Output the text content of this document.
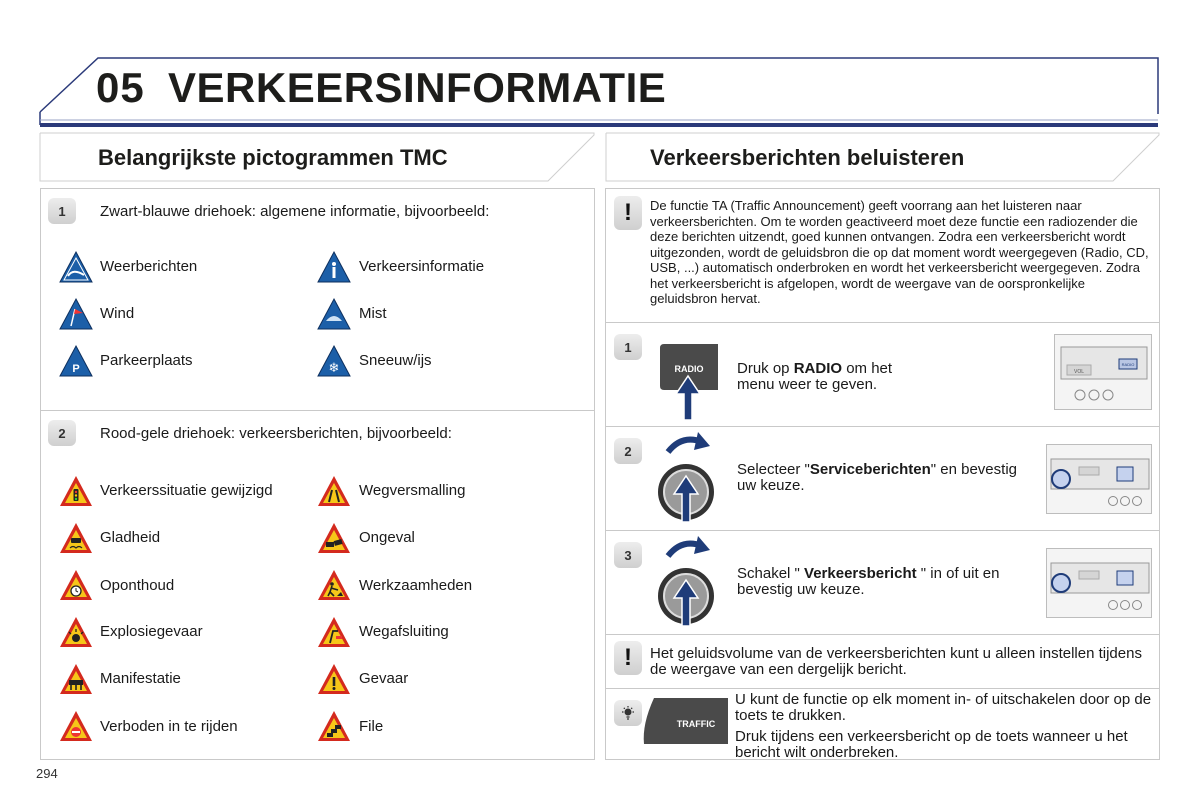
05 VERKEERSINFORMATIE
Belangrijkste pictogrammen TMC	Verkeersberichten beluisteren
1	Zwart-blauwe driehoek: algemene informatie, bijvoorbeeld:
Weerberichten	Verkeersinformatie
Wind	Mist
P Parkeerplaats	❄ Sneeuw/ijs
2	Rood-gele driehoek: verkeersberichten, bijvoorbeeld:
Verkeerssituatie gewijzigd	Wegversmalling
Gladheid	Ongeval
Oponthoud	Werkzaamheden
Explosiegevaar	Wegafsluiting
Manifestatie	Gevaar
Verboden in te rijden	File
!	De functie TA (Traffic Announcement) geeft voorrang aan het luisteren naar verkeersberichten. Om te worden geactiveerd moet deze functie een radiozender die deze berichten uitzendt, goed kunnen ontvangen. Zodra een verkeersbericht wordt uitgezonden, wordt de geluidsbron die op dat moment wordt weergegeven (Radio, CD, USB, ...) automatisch onderbroken en wordt het verkeersbericht weergegeven. Zodra het verkeersbericht is afgelopen, wordt de weergave van de oorspronkelijke geluidsbron hervat.
1
RADIO Druk op RADIO om het menu weer te geven.
VOL
RADIO
2
Selecteer "Serviceberichten" en bevestig uw keuze.
3
Schakel " Verkeersbericht " in of uit en bevestig uw keuze.
!	Het geluidsvolume van de verkeersberichten kunt u alleen instellen tijdens de weergave van een dergelijk bericht.
TRAFFIC
U kunt de functie op elk moment in- of uitschakelen door op de toets te drukken.
Druk tijdens een verkeersbericht op de toets wanneer u het bericht wilt onderbreken.
294
